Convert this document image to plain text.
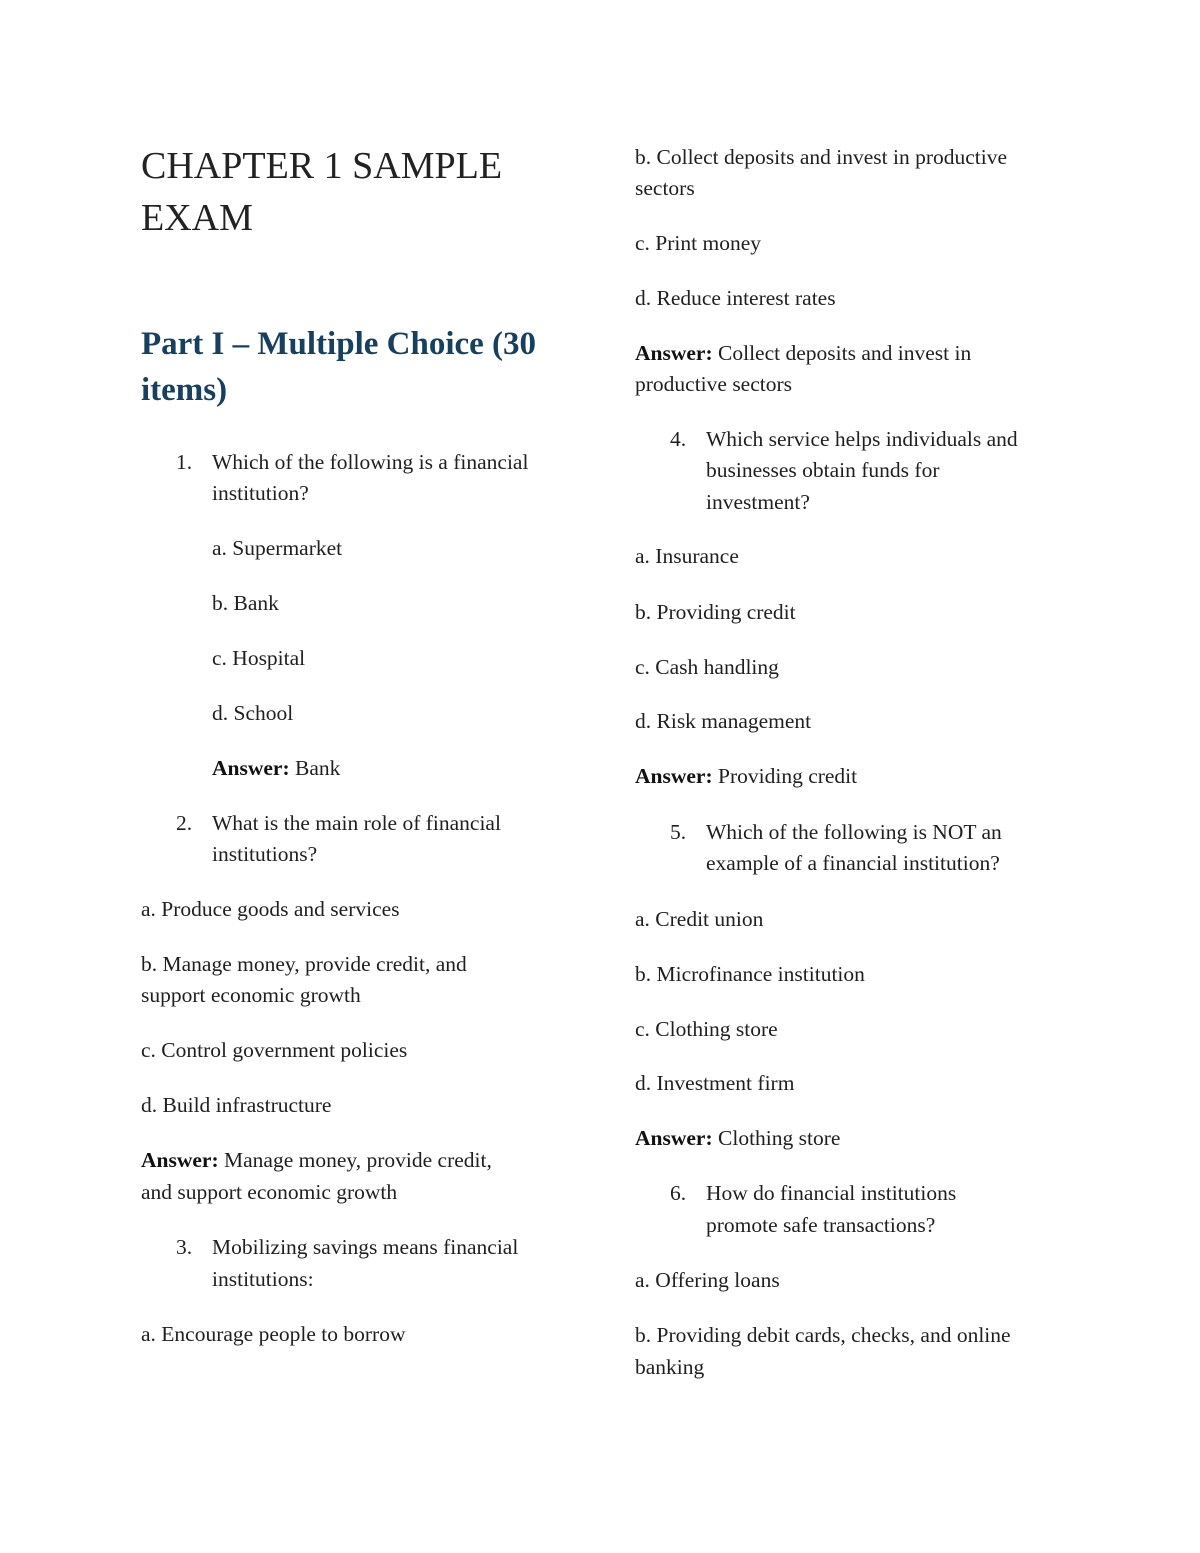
CHAPTER 1 SAMPLE
EXAM
Part I – Multiple Choice (30
items)
1. Which of the following is a financial
institution?
a. Supermarket
b. Bank
c. Hospital
d. School
Answer: Bank
2. What is the main role of financial
institutions?
a. Produce goods and services
b. Manage money, provide credit, and
support economic growth
c. Control government policies
d. Build infrastructure
Answer: Manage money, provide credit,
and support economic growth
3. Mobilizing savings means financial
institutions:
a. Encourage people to borrow
b. Collect deposits and invest in productive
sectors
c. Print money
d. Reduce interest rates
Answer: Collect deposits and invest in
productive sectors
4. Which service helps individuals and
businesses obtain funds for
investment?
a. Insurance
b. Providing credit
c. Cash handling
d. Risk management
Answer: Providing credit
5. Which of the following is NOT an
example of a financial institution?
a. Credit union
b. Microfinance institution
c. Clothing store
d. Investment firm
Answer: Clothing store
6. How do financial institutions
promote safe transactions?
a. Offering loans
b. Providing debit cards, checks, and online
banking
